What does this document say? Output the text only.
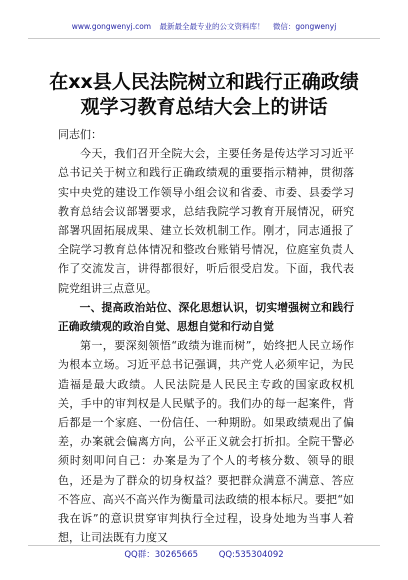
www.gongwenyj.com 最新最全最专业的公文资料库！ 微信：gongwenyj
在xx县人民法院树立和践行正确政绩观学习教育总结大会上的讲话

同志们：

今天，我们召开全院大会，主要任务是传达学习习近平总书记关于树立和践行正确政绩观的重要指示精神，贯彻落实中央党的建设工作领导小组会议和省委、市委、县委学习教育总结会议部署要求，总结我院学习教育开展情况，研究部署巩固拓展成果、建立长效机制工作。刚才，同志通报了全院学习教育总体情况和整改台账销号情况，位庭室负责人作了交流发言，讲得都很好，听后很受启发。下面，我代表院党组讲三点意见。

一、提高政治站位、深化思想认识，切实增强树立和践行正确政绩观的政治自觉、思想自觉和行动自觉

第一，要深刻领悟“政绩为谁而树”，始终把人民立场作为根本立场。习近平总书记强调，共产党人必须牢记，为民造福是最大政绩。人民法院是人民民主专政的国家政权机关，手中的审判权是人民赋予的。我们办的每一起案件，背后都是一个家庭、一份信任、一种期盼。如果政绩观出了偏差，办案就会偏离方向，公平正义就会打折扣。全院干警必须时刻叩问自己：办案是为了个人的考核分数、领导的眼色，还是为了群众的切身权益？要把群众满意不满意、答应不答应、高兴不高兴作为衡量司法政绩的根本标尺。要把“如我在诉”的意识贯穿审判执行全过程，设身处地为当事人着想，让司法既有力度又

QQ群：30265665 QQ:535304092
